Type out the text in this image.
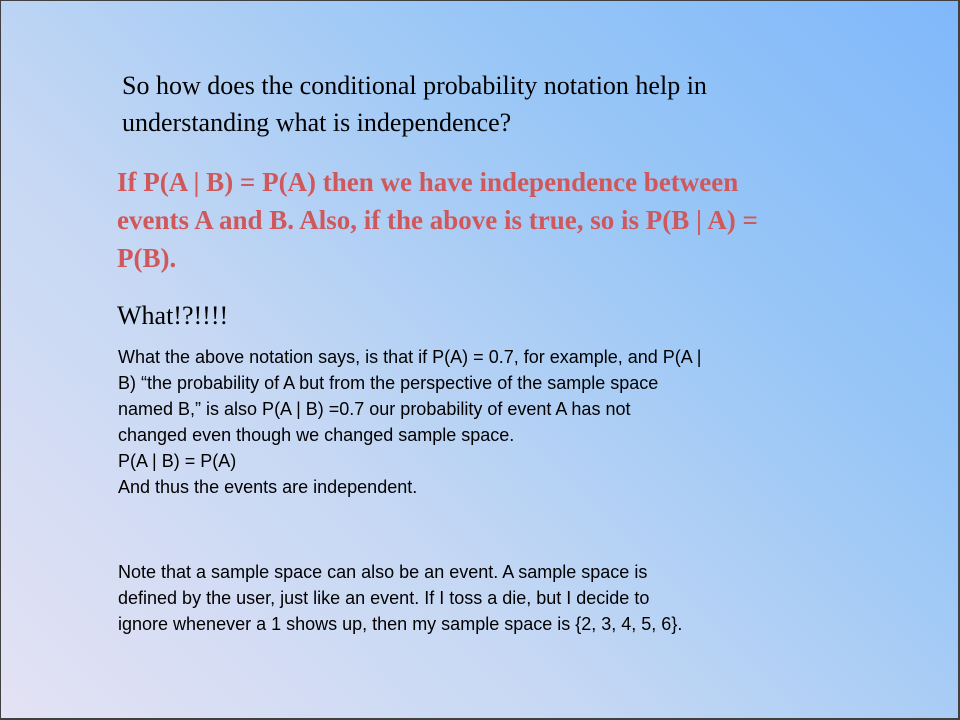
So how does the conditional probability notation help in
understanding what is independence?
If P(A | B) = P(A) then we have independence between
events A and B. Also, if the above is true, so is P(B | A) =
P(B).
What!?!!!!
What the above notation says, is that if P(A) = 0.7, for example, and P(A |
B) “the probability of A but from the perspective of the sample space
named B,” is also P(A | B) =0.7 our probability of event A has not
changed even though we changed sample space.
P(A | B) = P(A)
And thus the events are independent.
Note that a sample space can also be an event. A sample space is
defined by the user, just like an event. If I toss a die, but I decide to
ignore whenever a 1 shows up, then my sample space is {2, 3, 4, 5, 6}.
